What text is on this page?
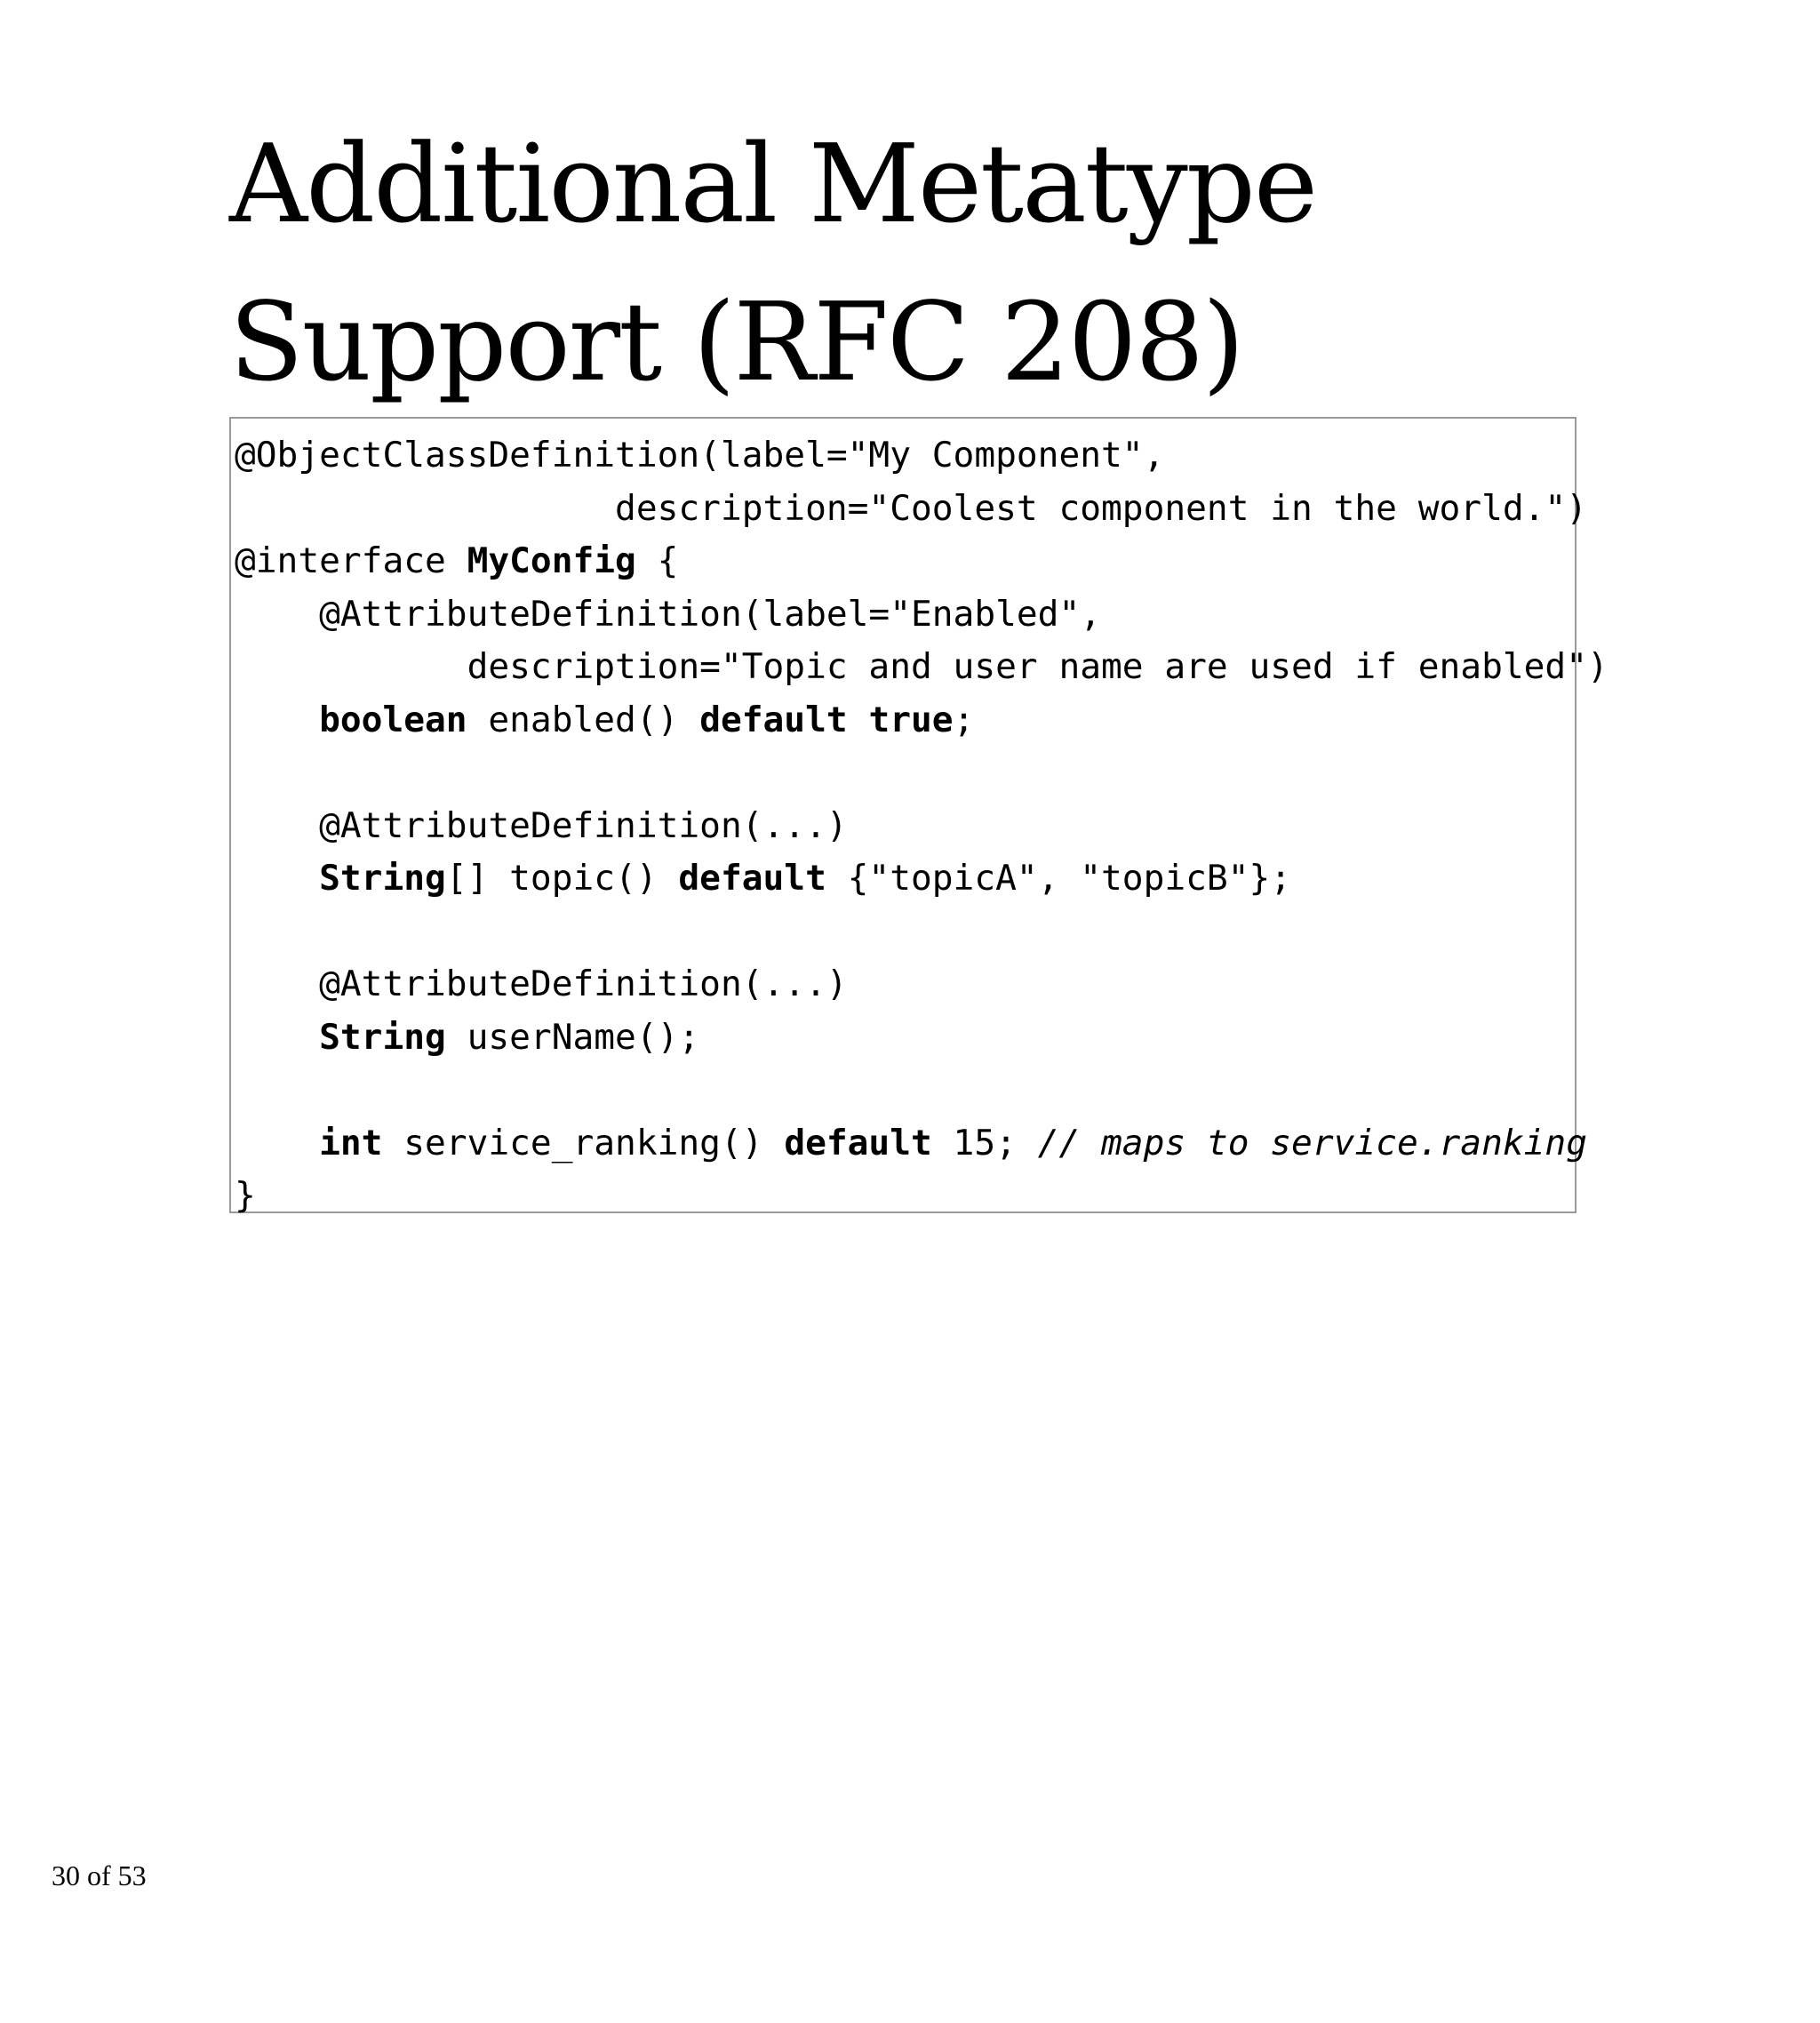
Additional Metatype
Support (RFC 208)
@ObjectClassDefinition(label="My Component",
description="Coolest component in the world.")
@interface MyConfig {
@AttributeDefinition(label="Enabled",
description="Topic and user name are used if enabled")
boolean enabled() default true;
@AttributeDefinition(...)
String[] topic() default {"topicA", "topicB"};
@AttributeDefinition(...)
String userName();
int service_ranking() default 15; // maps to service.ranking
}
30 of 53
